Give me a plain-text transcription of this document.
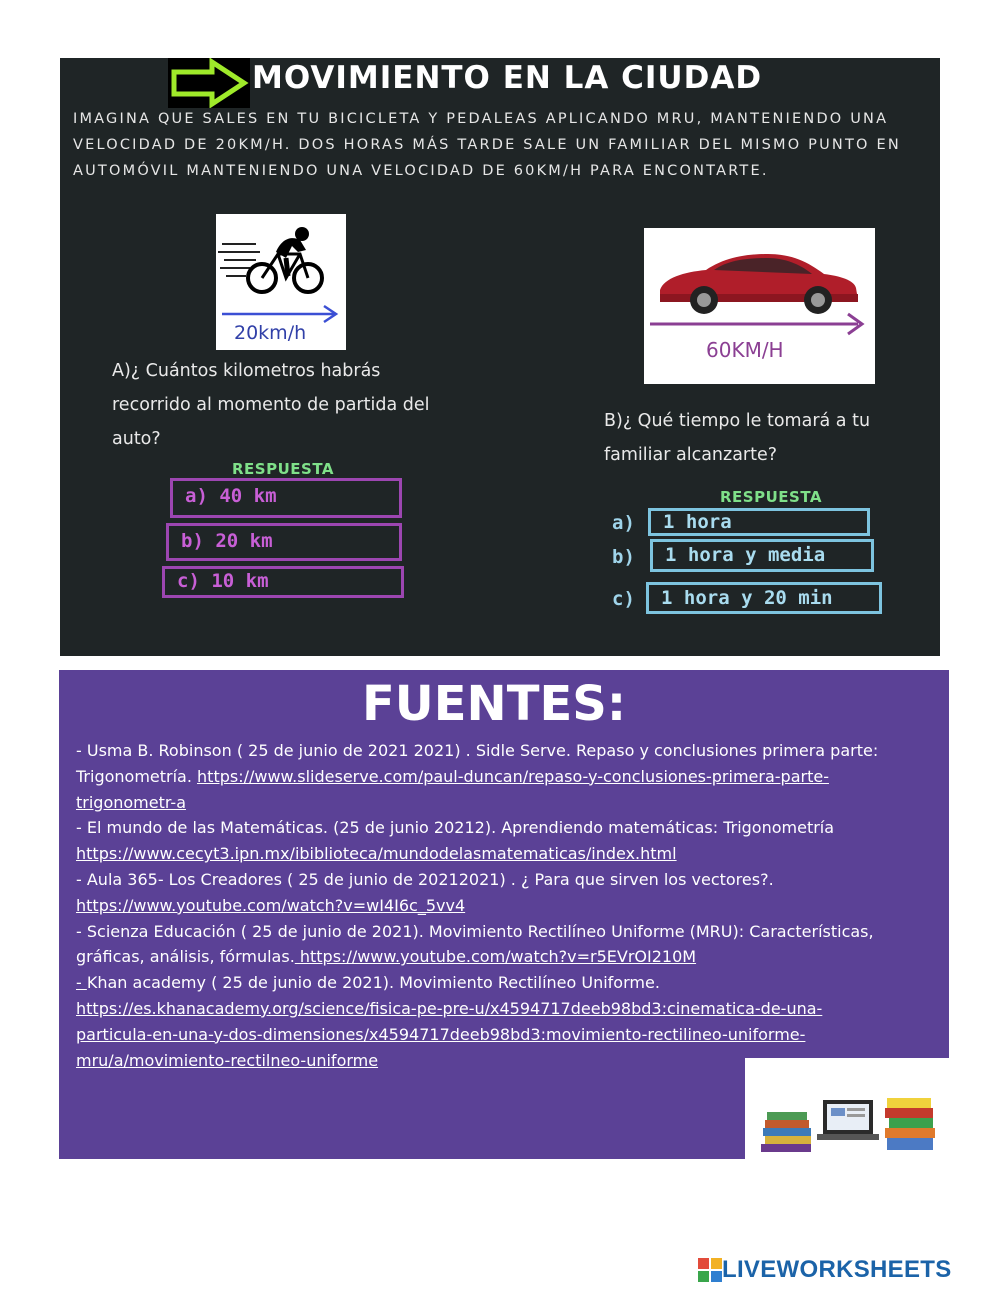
MOVIMIENTO EN LA CIUDAD

IMAGINA QUE SALES EN TU BICICLETA Y PEDALEAS APLICANDO MRU, MANTENIENDO UNA VELOCIDAD DE 20KM/H. DOS HORAS MÁS TARDE SALE UN FAMILIAR DEL MISMO PUNTO EN AUTOMÓVIL MANTENIENDO UNA VELOCIDAD DE 60KM/H PARA ENCONTARTE.

20km/h
60KM/H

A)¿ Cuántos kilometros habrás recorrido al momento de partida del auto?

RESPUESTA

a) 40 km
b) 20 km
c) 10 km

B)¿ Qué tiempo le tomará a tu familiar alcanzarte?

RESPUESTA

a)
b)
c)
1 hora
1 hora y media
1 hora y 20 min
FUENTES:
- Usma B. Robinson ( 25 de junio de 2021 2021) . Sidle Serve. Repaso y conclusiones primera parte: Trigonometría. https://www.slideserve.com/paul-duncan/repaso-y-conclusiones-primera-parte-trigonometr-a
- El mundo de las Matemáticas. (25 de junio 20212). Aprendiendo matemáticas: Trigonometría https://www.cecyt3.ipn.mx/ibiblioteca/mundodelasmatematicas/index.html
- Aula 365- Los Creadores ( 25 de junio de 20212021) . ¿ Para que sirven los vectores?. https://www.youtube.com/watch?v=wI4I6c_5vv4
- Scienza Educación ( 25 de junio de 2021). Movimiento Rectilíneo Uniforme (MRU): Características, gráficas, análisis, fórmulas. https://www.youtube.com/watch?v=r5EVrOI210M
- Khan academy ( 25 de junio de 2021). Movimiento Rectilíneo Uniforme.
https://es.khanacademy.org/science/fisica-pe-pre-u/x4594717deeb98bd3:cinematica-de-una-particula-en-una-y-dos-dimensiones/x4594717deeb98bd3:movimiento-rectilineo-uniforme-mru/a/movimiento-rectilneo-uniforme
LIVEWORKSHEETS
